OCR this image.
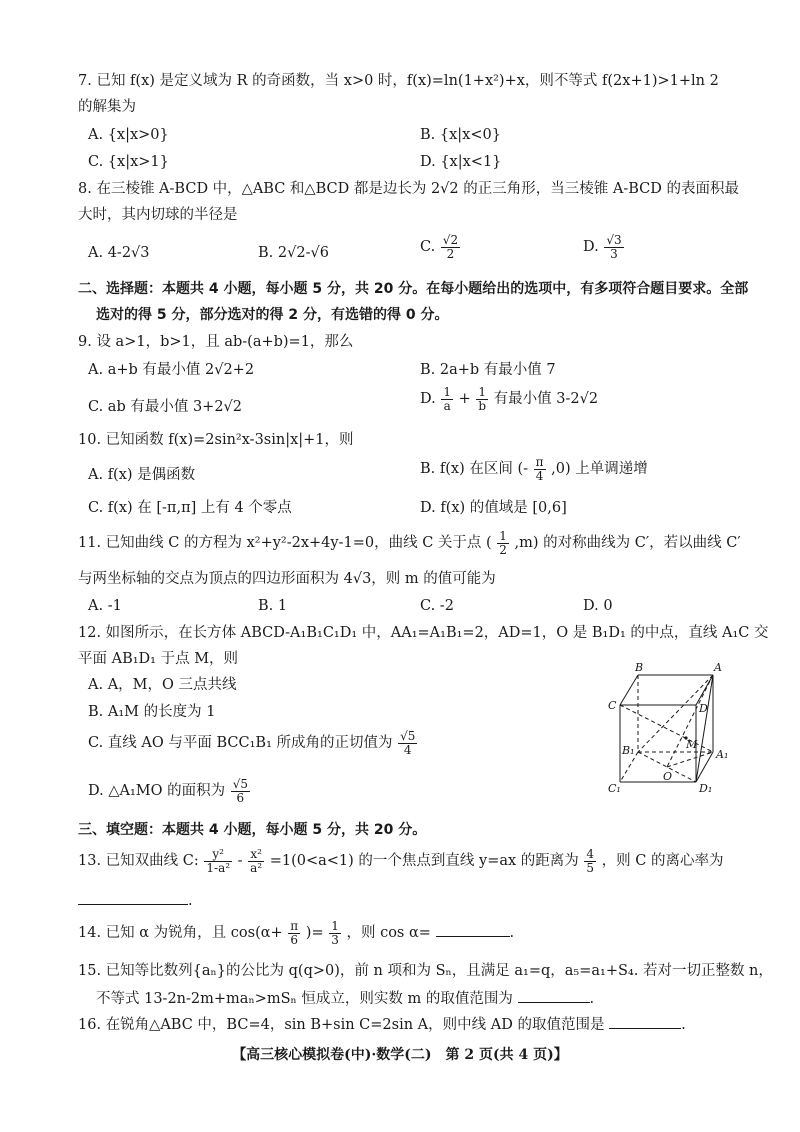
7. 已知 f(x) 是定义域为 R 的奇函数，当 x>0 时，f(x)=ln(1+x²)+x，则不等式 f(2x+1)>1+ln 2
的解集为
A. {x|x>0}	B. {x|x<0}
C. {x|x>1}	D. {x|x<1}
8. 在三棱锥 A-BCD 中，△ABC 和△BCD 都是边长为 2√2 的正三角形，当三棱锥 A-BCD 的表面积最
大时，其内切球的半径是
A. 4-2√3	B. 2√2-√6	C. $\frac{√2}{2}$	D. $\frac{√3}{3}$
二、选择题：本题共 4 小题，每小题 5 分，共 20 分。在每小题给出的选项中，有多项符合题目要求。全部
选对的得 5 分，部分选对的得 2 分，有选错的得 0 分。
9. 设 a>1，b>1，且 ab-(a+b)=1，那么
A. a+b 有最小值 2√2+2	B. 2a+b 有最小值 7
C. ab 有最小值 3+2√2	D. $\frac{1}{a} + \frac{1}{b}$ 有最小值 3-2√2
10. 已知函数 f(x)=2sin²x-3sin|x|+1，则
A. f(x) 是偶函数	B. f(x) 在区间 (- $\frac{\pi}{4} ,0$) 上单调递增
C. f(x) 在 [-π,π] 上有 4 个零点	D. f(x) 的值域是 [0,6]
11. 已知曲线 C 的方程为 x²+y²-2x+4y-1=0，曲线 C 关于点 ( $\frac{1}{2} ,m$) 的对称曲线为 C′，若以曲线 C′
与两坐标轴的交点为顶点的四边形面积为 4√3，则 m 的值可能为
A. -1	B. 1	C. -2	D. 0
12. 如图所示，在长方体 ABCD-A₁B₁C₁D₁ 中，AA₁=A₁B₁=2，AD=1，O 是 B₁D₁ 的中点，直线 A₁C 交
平面 AB₁D₁ 于点 M，则
A. A，M，O 三点共线
B. A₁M 的长度为 1
C. 直线 AO 与平面 BCC₁B₁ 所成角的正切值为 $\frac{√5}{4}$
D. △A₁MO 的面积为 $\frac{√5}{6}$
B	A
C	D
B₁	M
A₁
O
C₁	D₁
三、填空题：本题共 4 小题，每小题 5 分，共 20 分。
13. 已知双曲线 C: $\frac{\text{y²}}{\text{1-a²}} - \frac{\text{x²}}{\text{a²}} =1(0<a<1)$ 的一个焦点到直线 y=ax 的距离为 $\frac{4}{5}$ ，则 C 的离心率为
.
14. 已知 α 为锐角，且 $\cos(\alpha+ \frac{\pi}{6}$ )= $\frac{1}{3}$ ，则 cos α=	.
15. 已知等比数列{aₙ}的公比为 q(q>0)，前 n 项和为 Sₙ，且满足 a₁=q，a₅=a₁+S₄. 若对一切正整数 n，
不等式 13-2n-2m+maₙ>mSₙ 恒成立，则实数 m 的取值范围为	.
16. 在锐角△ABC 中，BC=4，sin B+sin C=2sin A，则中线 AD 的取值范围是	.
【高三核心模拟卷(中)·数学(二)　第 2 页(共 4 页)】
